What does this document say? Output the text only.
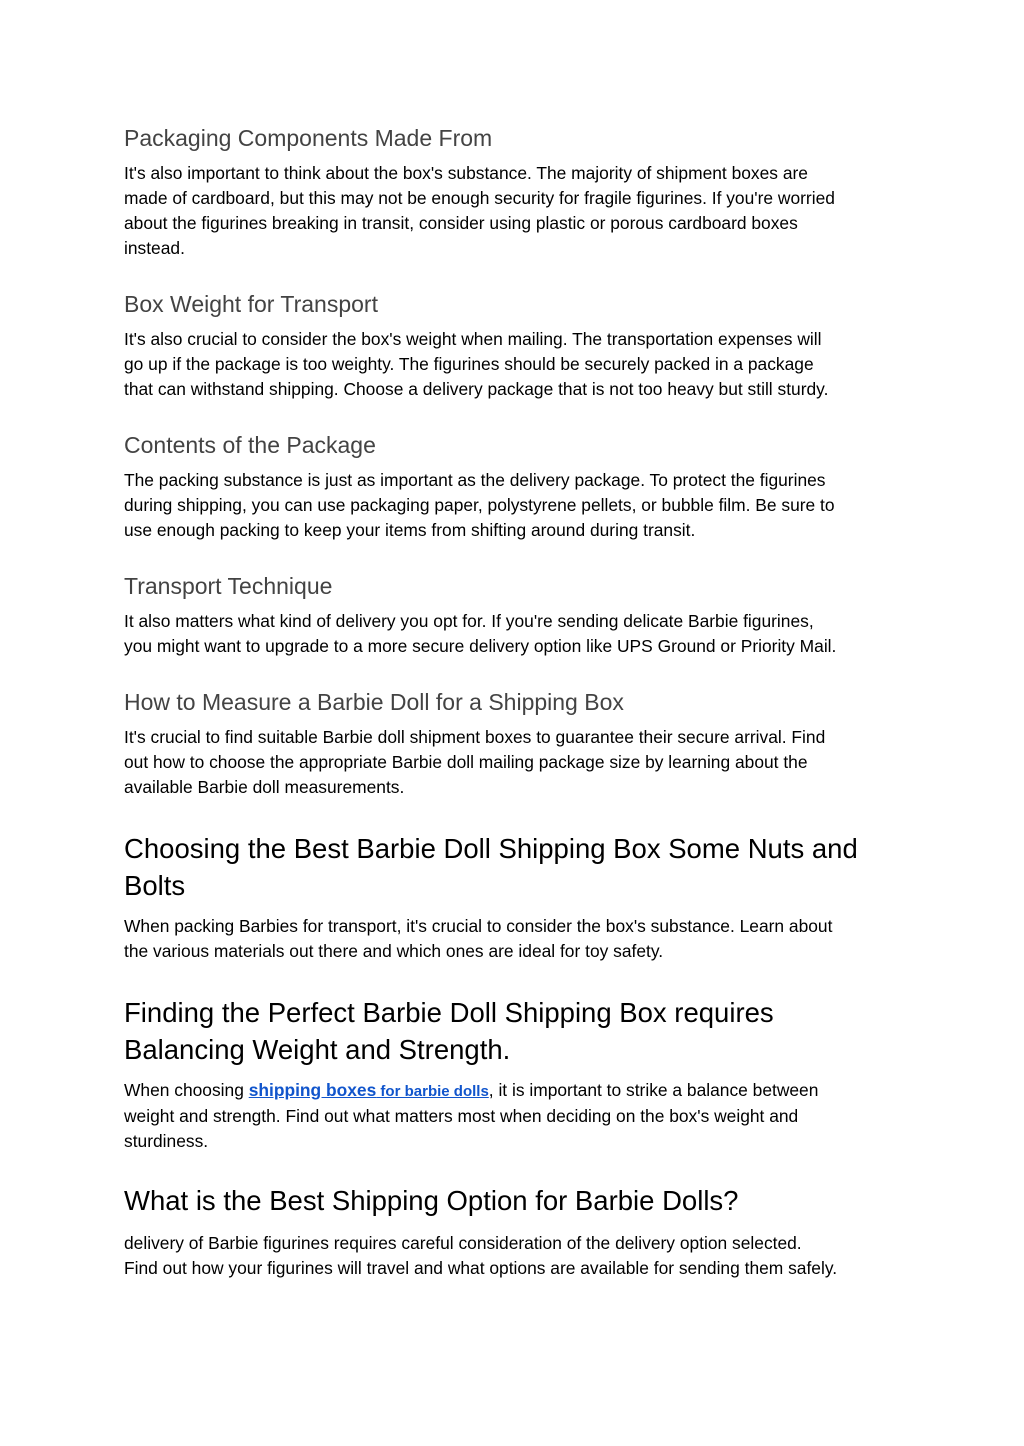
Packaging Components Made From
It's also important to think about the box's substance. The majority of shipment boxes are
made of cardboard, but this may not be enough security for fragile figurines. If you're worried
about the figurines breaking in transit, consider using plastic or porous cardboard boxes
instead.
Box Weight for Transport
It's also crucial to consider the box's weight when mailing. The transportation expenses will
go up if the package is too weighty. The figurines should be securely packed in a package
that can withstand shipping. Choose a delivery package that is not too heavy but still sturdy.
Contents of the Package
The packing substance is just as important as the delivery package. To protect the figurines
during shipping, you can use packaging paper, polystyrene pellets, or bubble film. Be sure to
use enough packing to keep your items from shifting around during transit.
Transport Technique
It also matters what kind of delivery you opt for. If you're sending delicate Barbie figurines,
you might want to upgrade to a more secure delivery option like UPS Ground or Priority Mail.
How to Measure a Barbie Doll for a Shipping Box
It's crucial to find suitable Barbie doll shipment boxes to guarantee their secure arrival. Find
out how to choose the appropriate Barbie doll mailing package size by learning about the
available Barbie doll measurements.
Choosing the Best Barbie Doll Shipping Box Some Nuts and
Bolts
When packing Barbies for transport, it's crucial to consider the box's substance. Learn about
the various materials out there and which ones are ideal for toy safety.
Finding the Perfect Barbie Doll Shipping Box requires
Balancing Weight and Strength.
When choosing shipping boxes for barbie dolls, it is important to strike a balance between
weight and strength. Find out what matters most when deciding on the box's weight and
sturdiness.
What is the Best Shipping Option for Barbie Dolls?
delivery of Barbie figurines requires careful consideration of the delivery option selected.
Find out how your figurines will travel and what options are available for sending them safely.
